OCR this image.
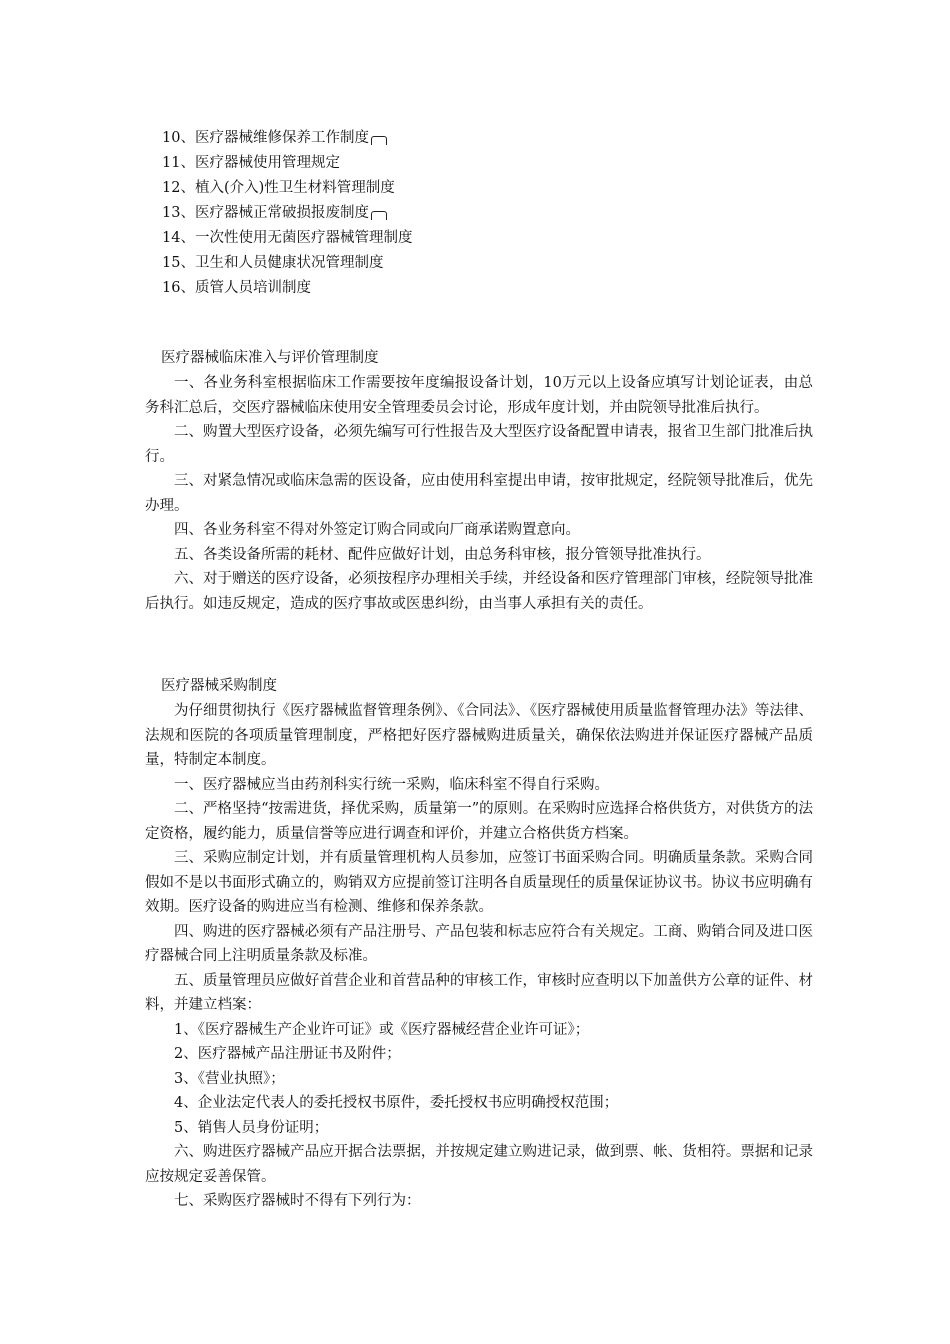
10、医疗器械维修保养工作制度
11、医疗器械使用管理规定
12、植入(介入)性卫生材料管理制度
13、医疗器械正常破损报废制度
14、一次性使用无菌医疗器械管理制度
15、卫生和人员健康状况管理制度
16、质管人员培训制度
医疗器械临床准入与评价管理制度

一、各业务科室根据临床工作需要按年度编报设备计划，10万元以上设备应填写计划论证表，由总务科汇总后，交医疗器械临床使用安全管理委员会讨论，形成年度计划，并由院领导批准后执行。

二、购置大型医疗设备，必须先编写可行性报告及大型医疗设备配置申请表，报省卫生部门批准后执行。

三、对紧急情况或临床急需的医设备，应由使用科室提出申请，按审批规定，经院领导批准后，优先办理。

四、各业务科室不得对外签定订购合同或向厂商承诺购置意向。

五、各类设备所需的耗材、配件应做好计划，由总务科审核，报分管领导批准执行。

六、对于赠送的医疗设备，必须按程序办理相关手续，并经设备和医疗管理部门审核，经院领导批准后执行。如违反规定，造成的医疗事故或医患纠纷，由当事人承担有关的责任。

医疗器械采购制度

为仔细贯彻执行《医疗器械监督管理条例》、《合同法》、《医疗器械使用质量监督管理办法》等法律、法规和医院的各项质量管理制度，严格把好医疗器械购进质量关，确保依法购进并保证医疗器械产品质量，特制定本制度。

一、医疗器械应当由药剂科实行统一采购，临床科室不得自行采购。

二、严格坚持“按需进货，择优采购，质量第一”的原则。在采购时应选择合格供货方，对供货方的法定资格，履约能力，质量信誉等应进行调查和评价，并建立合格供货方档案。

三、采购应制定计划，并有质量管理机构人员参加，应签订书面采购合同。明确质量条款。采购合同假如不是以书面形式确立的，购销双方应提前签订注明各自质量现任的质量保证协议书。协议书应明确有效期。医疗设备的购进应当有检测、维修和保养条款。

四、购进的医疗器械必须有产品注册号、产品包装和标志应符合有关规定。工商、购销合同及进口医疗器械合同上注明质量条款及标准。

五、质量管理员应做好首营企业和首营品种的审核工作，审核时应查明以下加盖供方公章的证件、材料，并建立档案：

1、《医疗器械生产企业许可证》或《医疗器械经营企业许可证》；

2、医疗器械产品注册证书及附件；

3、《营业执照》；

4、企业法定代表人的委托授权书原件，委托授权书应明确授权范围；

5、销售人员身份证明；

六、购进医疗器械产品应开据合法票据，并按规定建立购进记录，做到票、帐、货相符。票据和记录应按规定妥善保管。

七、采购医疗器械时不得有下列行为：
